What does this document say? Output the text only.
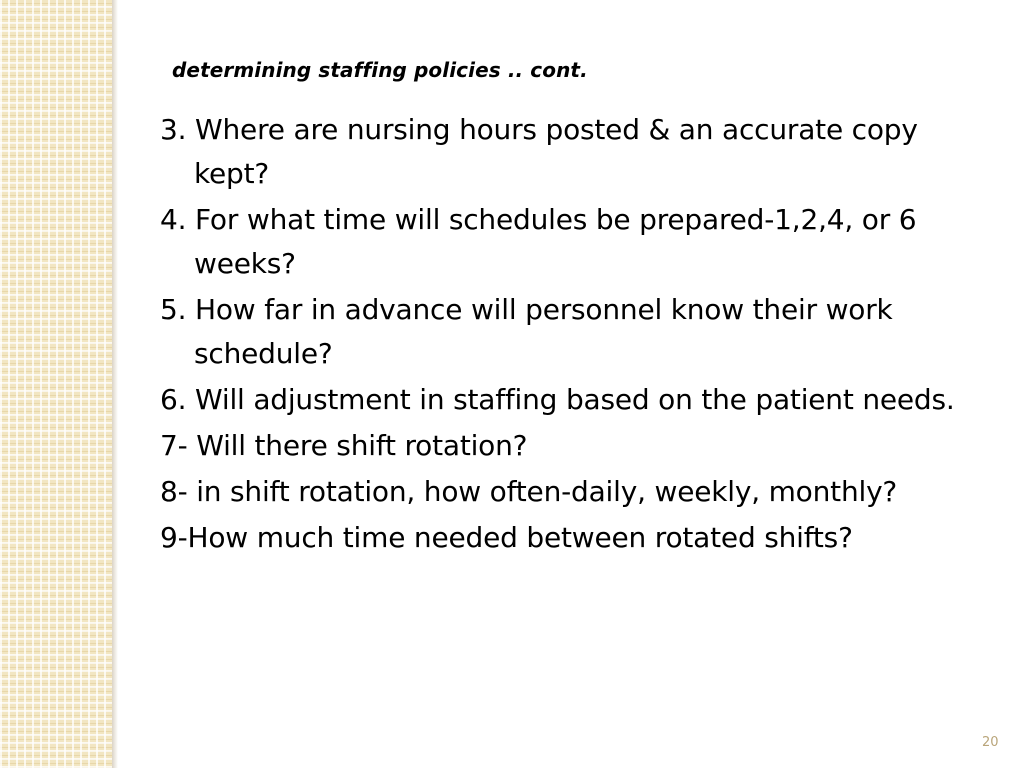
determining staffing policies .. cont.
3. Where are nursing hours posted & an accurate copy kept?
4. For what time will schedules be prepared-1,2,4, or 6 weeks?
5. How far in advance will personnel know their work schedule?
6. Will adjustment in staffing based on the patient needs.
7- Will there shift rotation?
8- in shift rotation, how often-daily, weekly, monthly?
9-How much time needed between rotated shifts?
20
